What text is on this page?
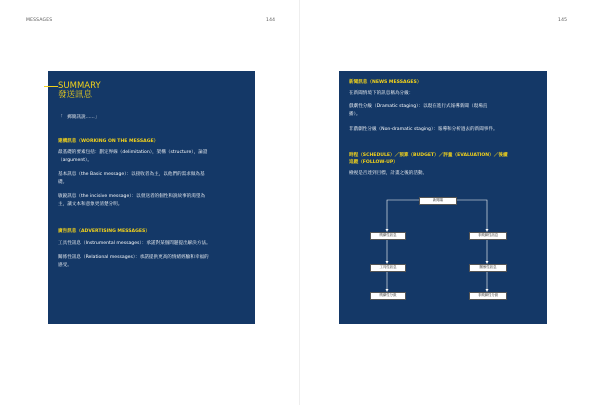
MESSAGES	144	145
SUMMARY
發送訊息
「　郵簡訊說……」
建構訊息（WORKING ON THE MESSAGE）
最基礎的要素包括：劃定界線（delimitation），架構（structure），論證
（argument）。
基本訊息（the Basic message）：以接收者為主，以他們的需求做為基
礎。
敏銳訊息（the incisive message）：以發送者的個性和說故事的渴望為
主，讓文本和意象更清楚分明。
廣告訊息（ADVERTISING MESSAGES）
工具性訊息（Instrumental messages）：承諾對某個問題提出解決方法。
關係性訊息（Relational messages）：承諾提供更高的情緒經驗和幸福的
感受。
新聞訊息（NEWS MESSAGES）
在新聞情境下的訊息稱為分級：
戲劇性分級（Dramatic staging）：以現在進行式報導新聞（現場直
播）。
非戲劇性分級（Non-dramatic staging）：報導和分析過去的新聞事件。
時程（SCHEDULE）／預算（BUDGET）／評量（EVALUATION）／後續
追蹤（FOLLOW-UP）
檢視是否達到目標，計畫之後的活動。
新聞場
戲劇性訊息	非戲劇性訊息
工具性訊息	關係性訊息
戲劇性分級	非戲劇性分級
